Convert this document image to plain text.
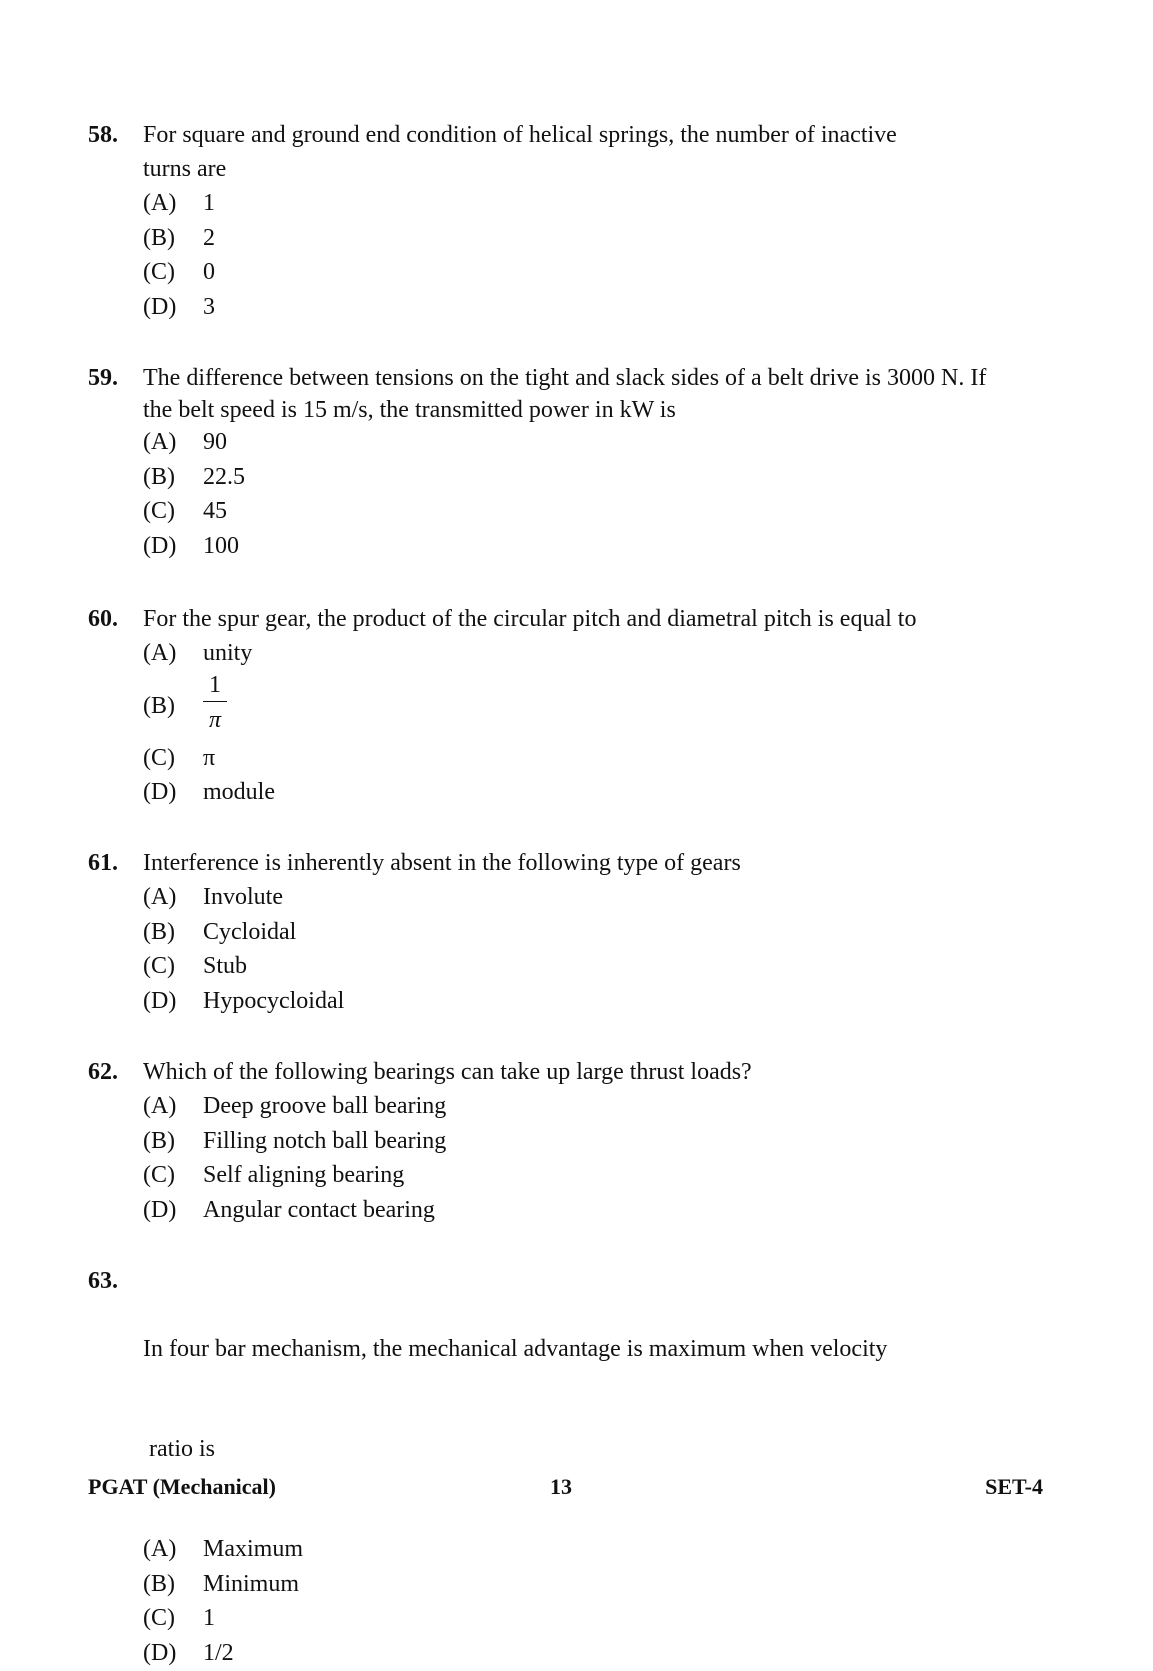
58. For square and ground end condition of helical springs, the number of inactive
turns are
(A) 1
(B) 2
(C) 0
(D) 3
59. The difference between tensions on the tight and slack sides of a belt drive is 3000 N. If
the belt speed is 15 m/s, the transmitted power in kW is
(A) 90
(B) 22.5
(C) 45
(D) 100
60. For the spur gear, the product of the circular pitch and diametral pitch is equal to
(A) unity
$(B) \frac{1}{\pi}$
(C) π
(D) module
61. Interference is inherently absent in the following type of gears
(A) Involute
(B) Cycloidal
(C) Stub
(D) Hypocycloidal
62. Which of the following bearings can take up large thrust loads?
(A) Deep groove ball bearing
(B) Filling notch ball bearing
(C) Self aligning bearing
(D) Angular contact bearing
63.

In four bar mechanism, the mechanical advantage is maximum when velocity

ratio is

(A) Maximum
(B) Minimum
(C) 1
(D) 1/2
PGAT (Mechanical)	13	SET-4
